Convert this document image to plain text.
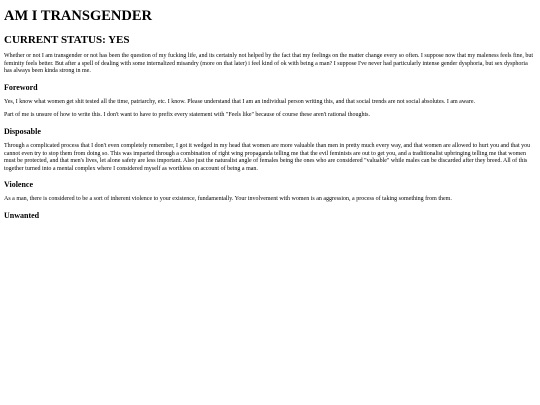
AM I TRANSGENDER
CURRENT STATUS: YES

Whether or not I am transgender or not has been the question of my fucking life, and its certainly not helped by the fact that my feelings on the matter change every so often. I suppose now that my maleness feels fine, but feminity feels better. But after a spell of dealing with some internalized misandry (more on that later) i feel kind of ok with being a man? I suppose I've never had particularly intense gender dysphoria, but sex dysphoria has always been kinda strong in me.

Foreword

Yes, I know what women get shit tested all the time, patriarchy, etc. I know. Please understand that I am an individual person writing this, and that social trends are not social absolutes. I am aware.

Part of me is unsure of how to write this. I don't want to have to prefix every statement with "Feels like" because of course these aren't rational thoughts.

Disposable

Through a complicated process that I don't even completely remember, I got it wedged in my head that women are more valuable than men in pretty much every way, and that women are allowed to hurt you and that you cannot even try to stop them from doing so. This was imparted through a combination of right wing propaganda telling me that the evil feminists are out to get you, and a traditionalist upbringing telling me that women must be protected, and that men's lives, let alone safety are less important. Also just the naturalist angle of females being the ones who are considered "valuable" while males can be discarded after they breed. All of this together turned into a mental complex where I considered myself as worthless on account of being a man.

Violence

As a man, there is considered to be a sort of inherent violence to your existence, fundamentally. Your involvement with women is an aggression, a process of taking something from them.

Unwanted
